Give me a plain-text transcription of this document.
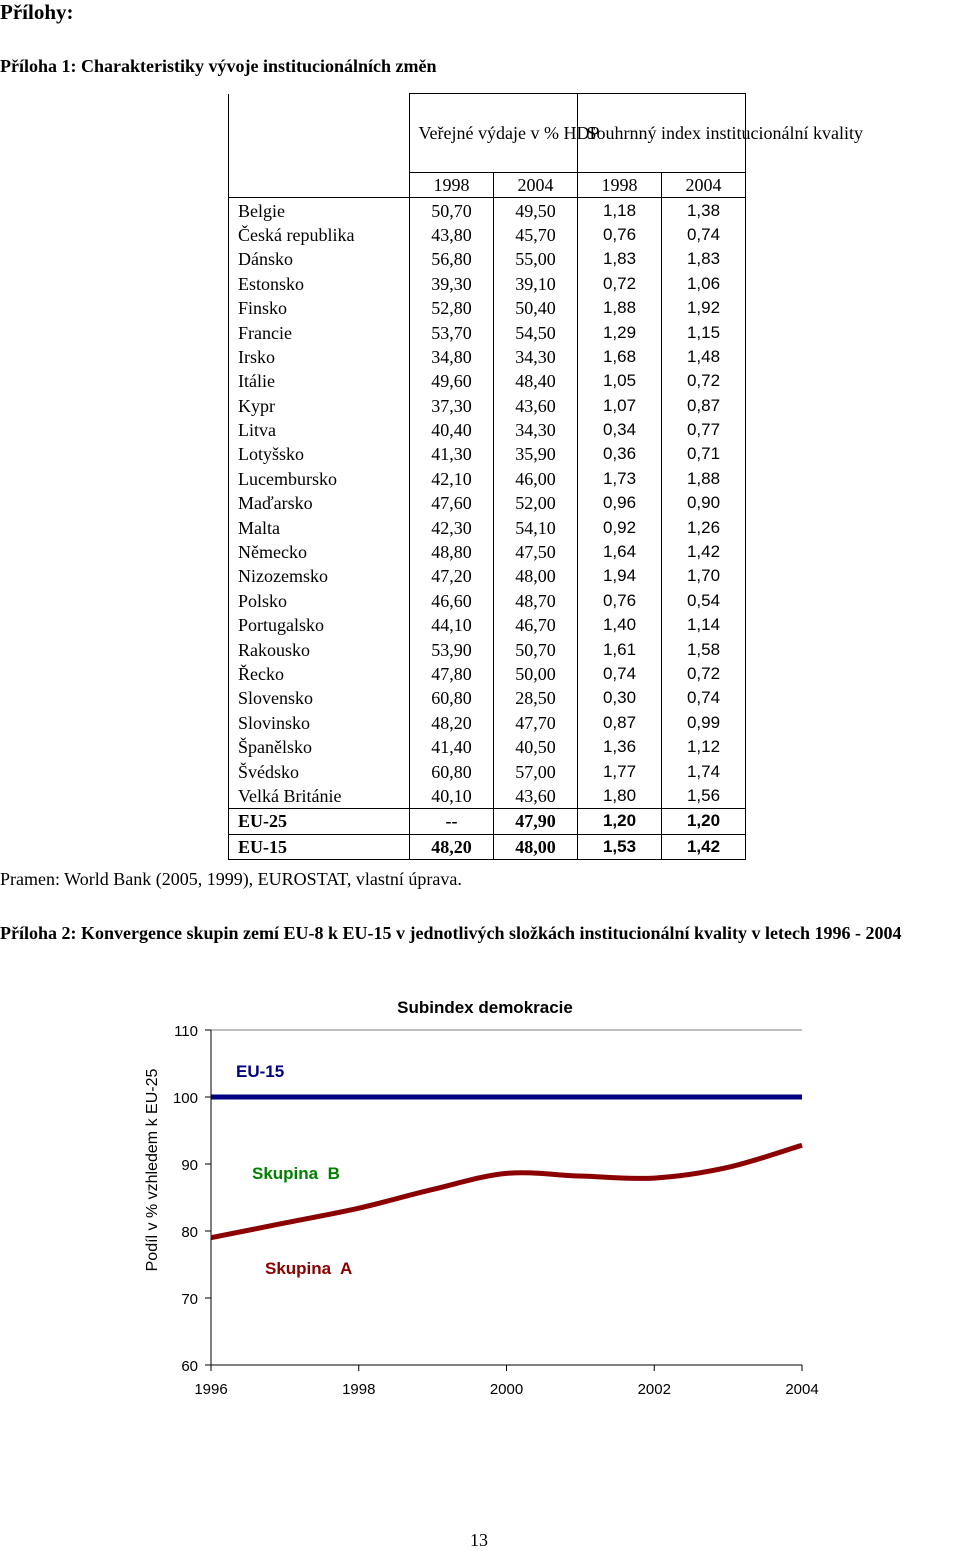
Přílohy:
Příloha 1: Charakteristiky vývoje institucionálních změn

	Veřejné výdaje v % HDP		Souhrnný index institucionální kvality	

	1998	2004	1998	2004
Belgie	50,70	49,50	1,18	1,38
Česká republika	43,80	45,70	0,76	0,74
Dánsko	56,80	55,00	1,83	1,83
Estonsko	39,30	39,10	0,72	1,06
Finsko	52,80	50,40	1,88	1,92
Francie	53,70	54,50	1,29	1,15
Irsko	34,80	34,30	1,68	1,48
Itálie	49,60	48,40	1,05	0,72
Kypr	37,30	43,60	1,07	0,87
Litva	40,40	34,30	0,34	0,77
Lotyšsko	41,30	35,90	0,36	0,71
Lucembursko	42,10	46,00	1,73	1,88
Maďarsko	47,60	52,00	0,96	0,90
Malta	42,30	54,10	0,92	1,26
Německo	48,80	47,50	1,64	1,42
Nizozemsko	47,20	48,00	1,94	1,70
Polsko	46,60	48,70	0,76	0,54
Portugalsko	44,10	46,70	1,40	1,14
Rakousko	53,90	50,70	1,61	1,58
Řecko	47,80	50,00	0,74	0,72
Slovensko	60,80	28,50	0,30	0,74
Slovinsko	48,20	47,70	0,87	0,99
Španělsko	41,40	40,50	1,36	1,12
Švédsko	60,80	57,00	1,77	1,74
Velká Británie	40,10	43,60	1,80	1,56
EU-25	--	47,90	1,20	1,20
EU-15	48,20	48,00	1,53	1,42
Pramen: World Bank (2005, 1999), EUROSTAT, vlastní úprava.
Příloha 2: Konvergence skupin zemí EU-8 k EU-15 v jednotlivých složkách institucionální kvality v letech 1996 - 2004
Subindex demokracie
Podíl v % vzhledem k EU-25
110
100
90
80
70
60
1996	1998	2000	2002	2004
EU-15
Skupina  B
Skupina  A
13
